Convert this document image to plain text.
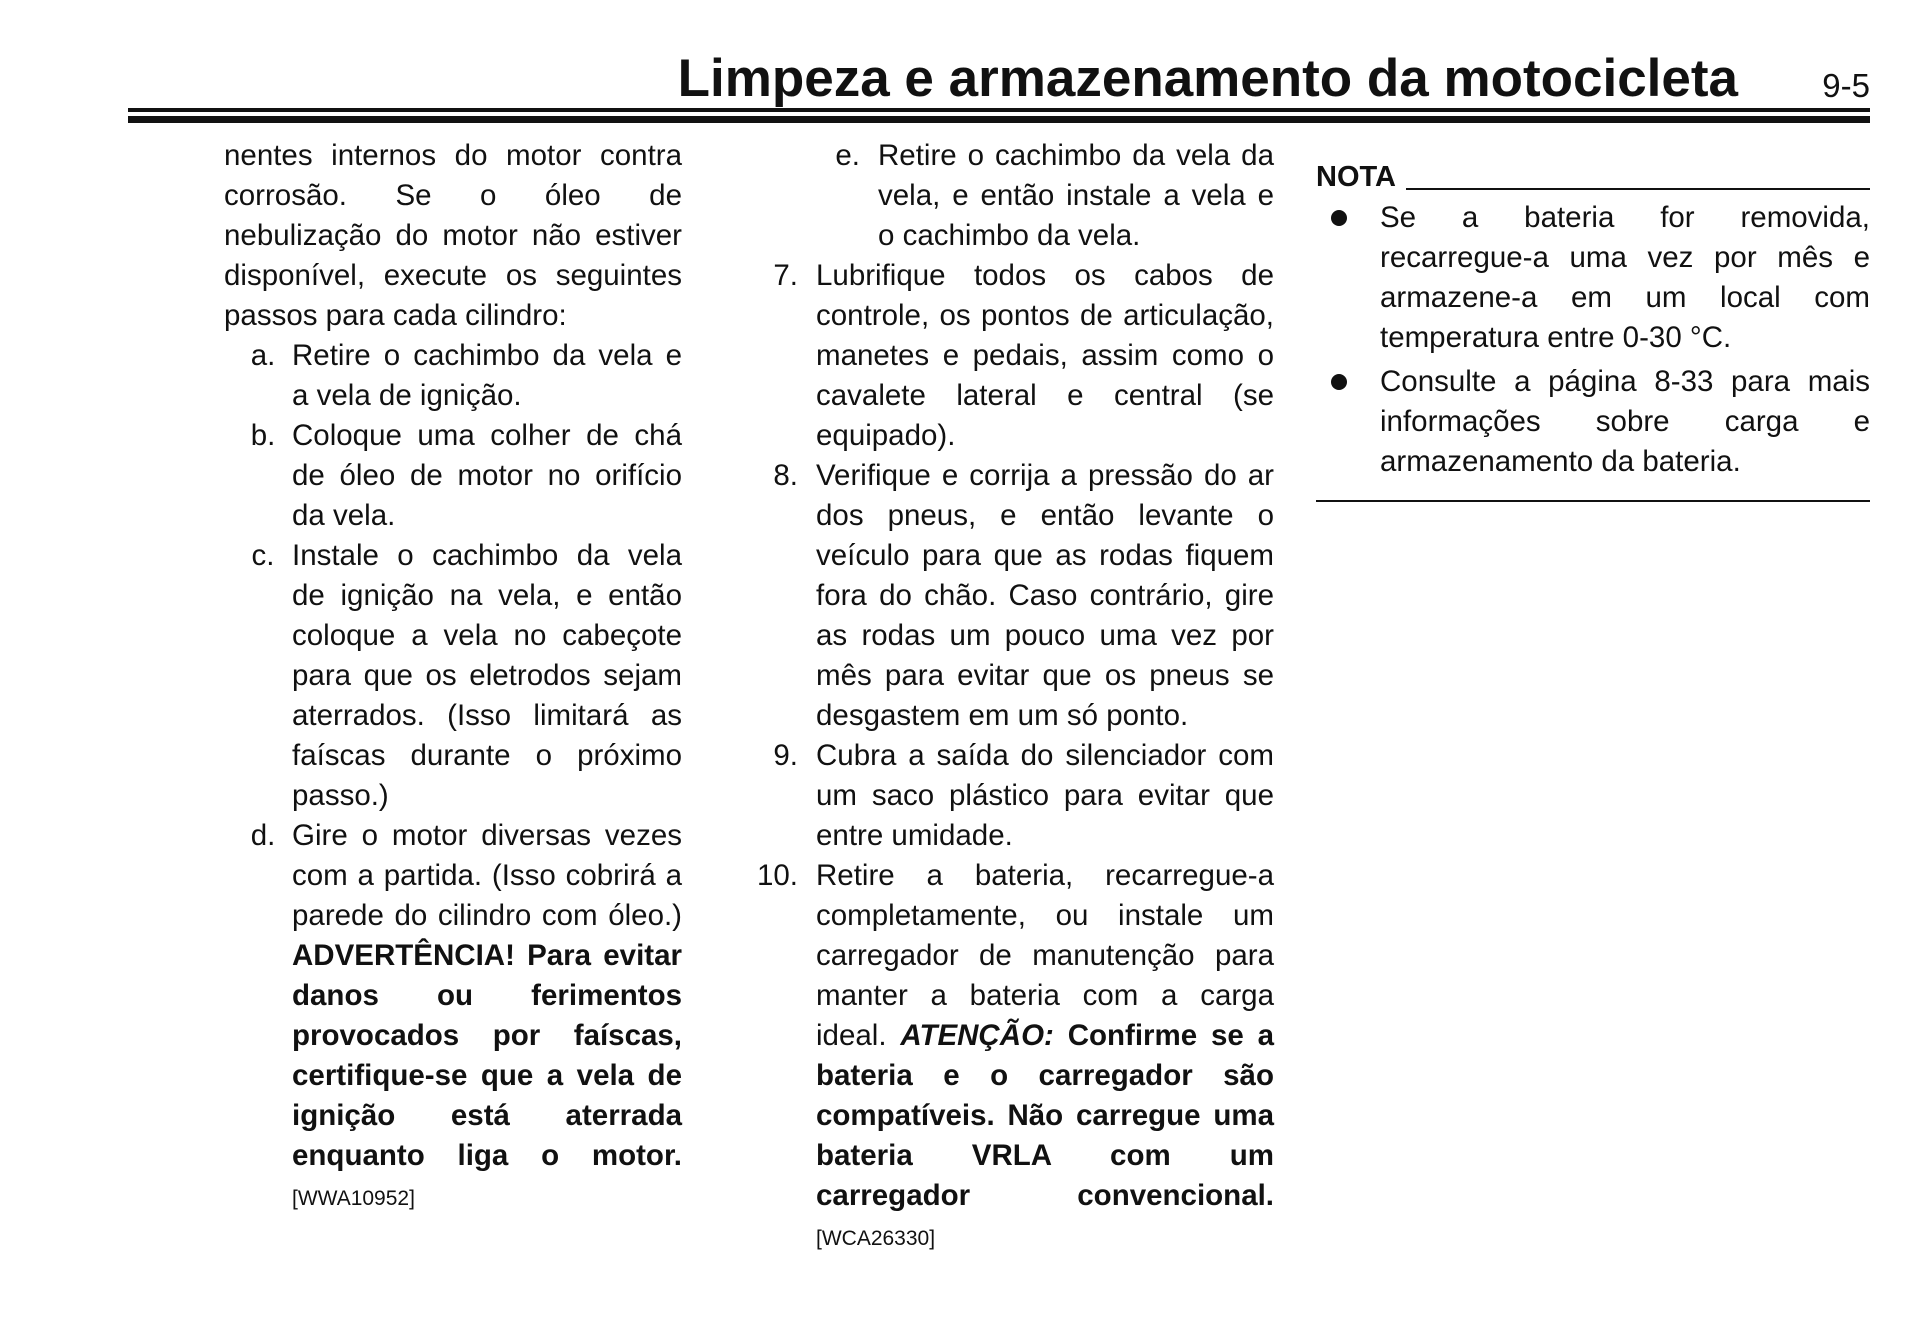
Limpeza e armazenamento da motocicleta	9-5

nentes internos do motor contra corrosão. Se o óleo de nebulização do motor não estiver disponível, execute os seguintes passos para cada cilindro:

a. Retire o cachimbo da vela e a vela de ignição.
b. Coloque uma colher de chá de óleo de motor no orifício da vela.
c. Instale o cachimbo da vela de ignição na vela, e então coloque a vela no cabeçote para que os eletrodos sejam aterrados. (Isso limitará as faíscas durante o próximo passo.)
d. Gire o motor diversas vezes com a partida. (Isso cobrirá a parede do cilindro com óleo.) ADVERTÊNCIA! Para evitar danos ou ferimentos provocados por faíscas, certifique-se que a vela de ignição está aterrada enquanto liga o motor. [WWA10952]
e. Retire o cachimbo da vela da vela, e então instale a vela e o cachimbo da vela.
7. Lubrifique todos os cabos de controle, os pontos de articulação, manetes e pedais, assim como o cavalete lateral e central (se equipado).
8. Verifique e corrija a pressão do ar dos pneus, e então levante o veículo para que as rodas fiquem fora do chão. Caso contrário, gire as rodas um pouco uma vez por mês para evitar que os pneus se desgastem em um só ponto.
9. Cubra a saída do silenciador com um saco plástico para evitar que entre umidade.
10. Retire a bateria, recarregue-a completamente, ou instale um carregador de manutenção para manter a bateria com a carga ideal. ATENÇÃO: Confirme se a bateria e o carregador são compatíveis. Não carregue uma bateria VRLA com um carregador convencional. [WCA26330]
NOTA
Se a bateria for removida, recarregue-a uma vez por mês e armazene-a em um local com temperatura entre 0-30 °C.
Consulte a página 8-33 para mais informações sobre carga e armazenamento da bateria.
